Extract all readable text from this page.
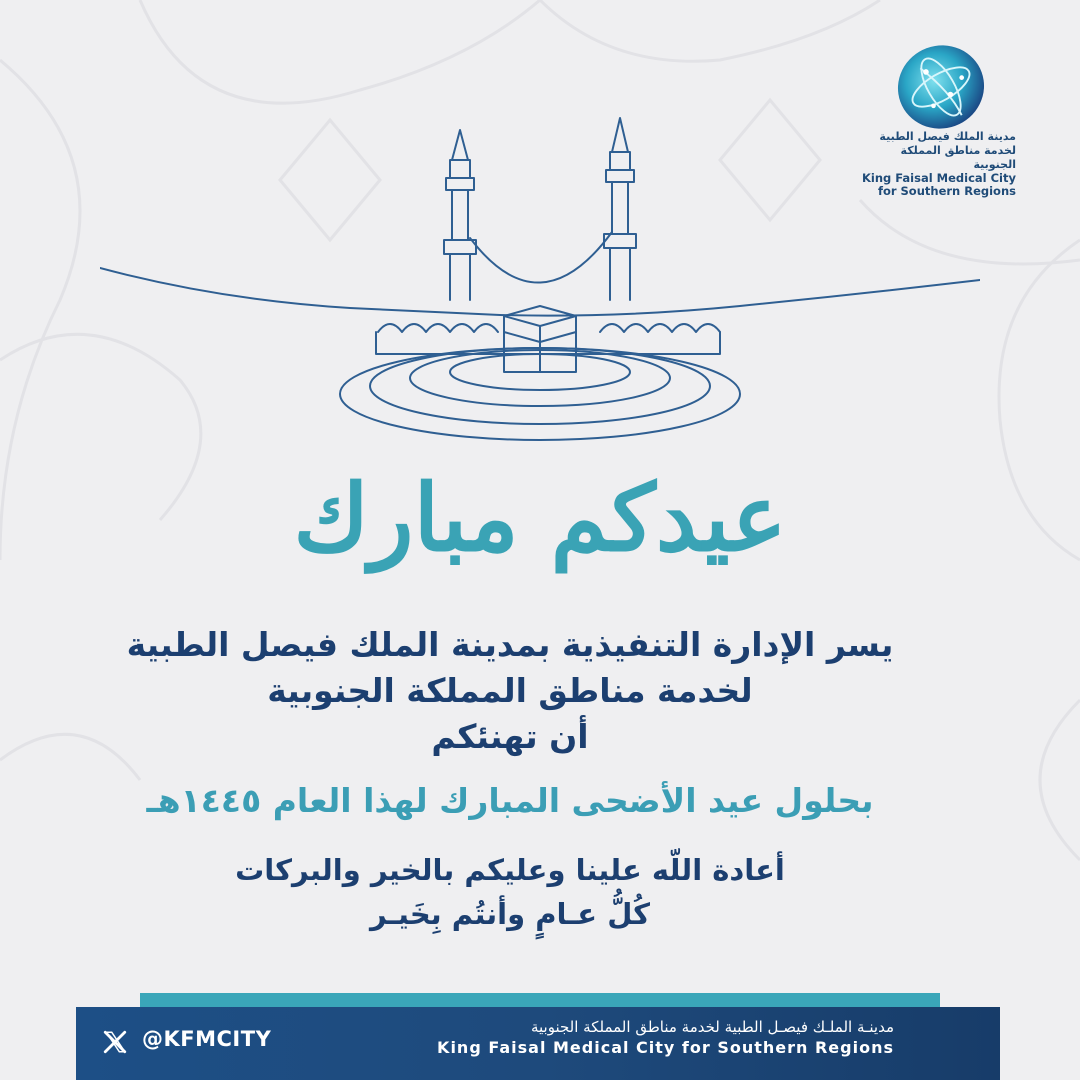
مدينة الملك فيصل الطبية لخدمة مناطق المملكة الجنوبية
King Faisal Medical City
for Southern Regions
عيدكم مبارك
يسر الإدارة التنفيذية بمدينة الملك فيصل الطبية
لخدمة مناطق المملكة الجنوبية
أن تهنئكم
بحلول عيد الأضحى المبارك لهذا العام ١٤٤٥هـ
أعادة اللّه علينا وعليكم بالخير والبركات
كُلُّ عـامٍ وأنتُم بِخَيـر
@KFMCITY	مدينـة الملـك فيصـل الطبية لخدمة مناطق المملكة الجنوبية
King Faisal Medical City for Southern Regions
